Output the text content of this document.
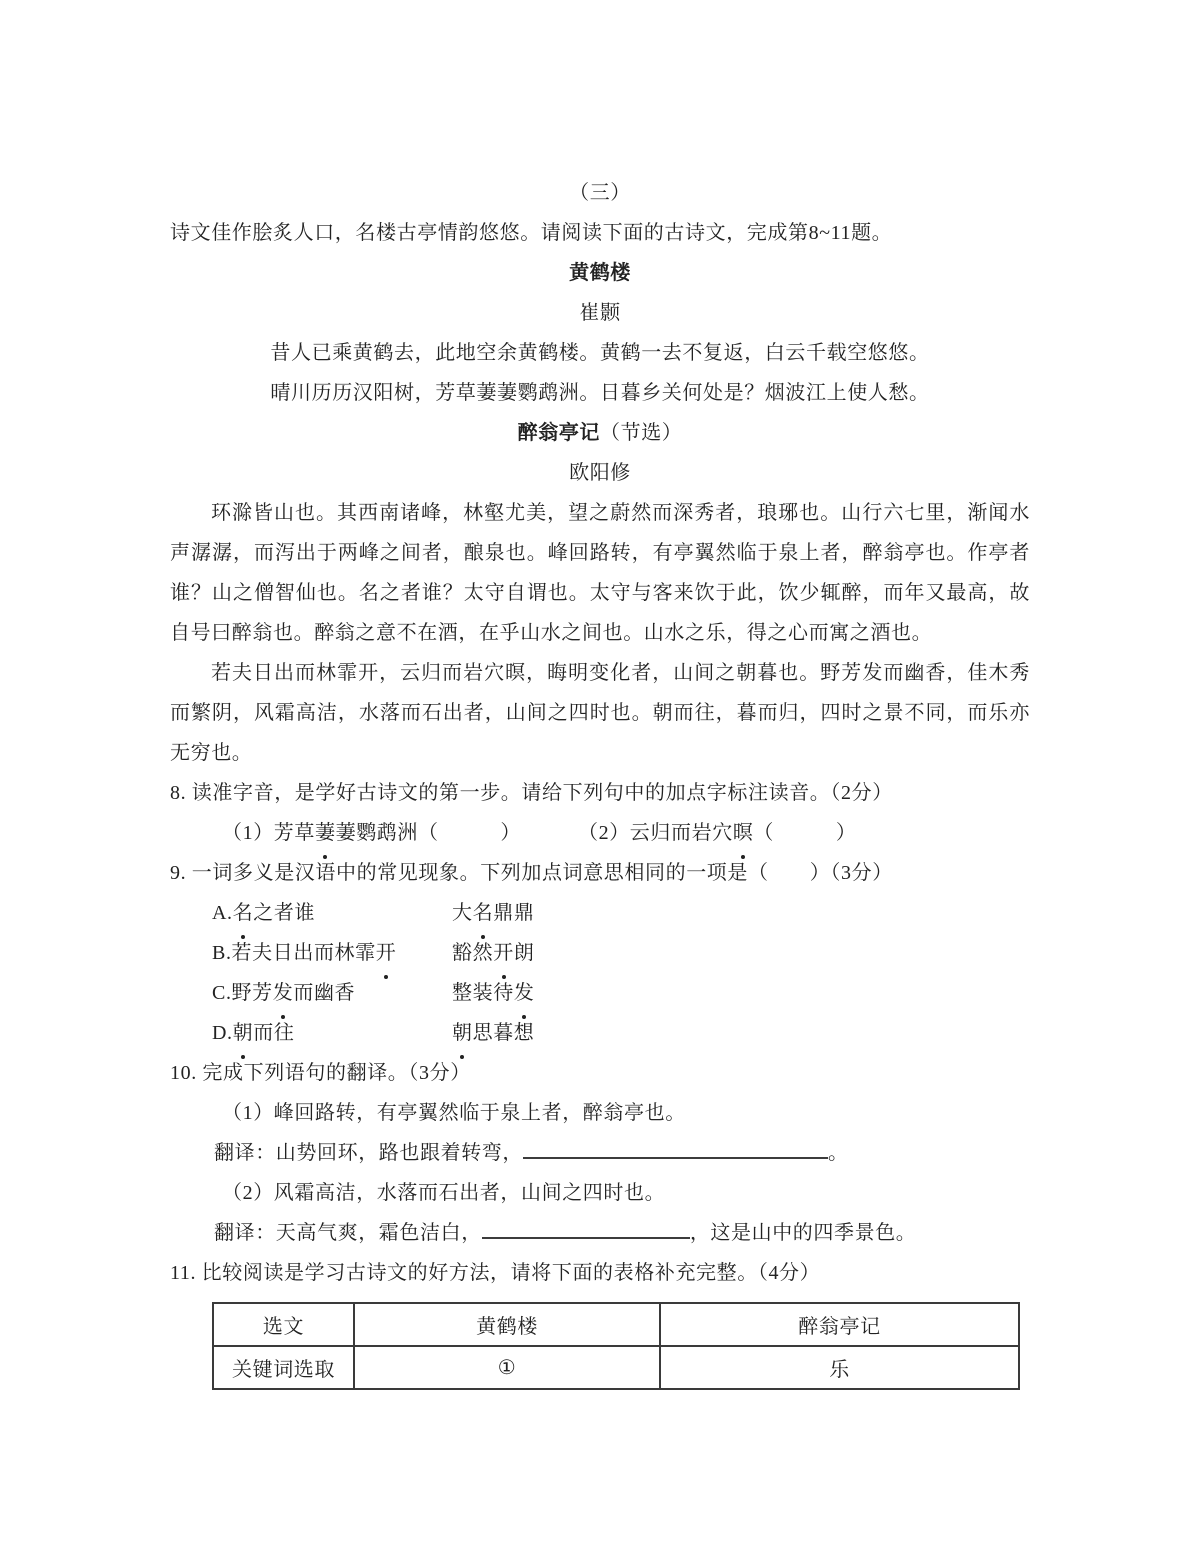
（三）
诗文佳作脍炙人口，名楼古亭情韵悠悠。请阅读下面的古诗文，完成第8~11题。
黄鹤楼
崔颢
昔人已乘黄鹤去，此地空余黄鹤楼。黄鹤一去不复返，白云千载空悠悠。
晴川历历汉阳树，芳草萋萋鹦鹉洲。日暮乡关何处是？烟波江上使人愁。
醉翁亭记（节选）
欧阳修

环滁皆山也。其西南诸峰，林壑尤美，望之蔚然而深秀者，琅琊也。山行六七里，渐闻水声潺潺，而泻出于两峰之间者，酿泉也。峰回路转，有亭翼然临于泉上者，醉翁亭也。作亭者谁？山之僧智仙也。名之者谁？太守自谓也。太守与客来饮于此，饮少辄醉，而年又最高，故自号曰醉翁也。醉翁之意不在酒，在乎山水之间也。山水之乐，得之心而寓之酒也。

若夫日出而林霏开，云归而岩穴暝，晦明变化者，山间之朝暮也。野芳发而幽香，佳木秀而繁阴，风霜高洁，水落而石出者，山间之四时也。朝而往，暮而归，四时之景不同，而乐亦无穷也。

8. 读准字音，是学好古诗文的第一步。请给下列句中的加点字标注读音。（2分）
（1）芳草萋萋鹦鹉洲（　　　）	（2）云归而岩穴暝（　　　）
9. 一词多义是汉语中的常见现象。下列加点词意思相同的一项是（　　）（3分）
A.名之者谁	大名鼎鼎
B.若夫日出而林霏开	豁然开朗
C.野芳发而幽香	整装待发
D.朝而往	朝思暮想
10. 完成下列语句的翻译。（3分）
（1）峰回路转，有亭翼然临于泉上者，醉翁亭也。
翻译：山势回环，路也跟着转弯，	。
（2）风霜高洁，水落而石出者，山间之四时也。
翻译：天高气爽，霜色洁白，	，这是山中的四季景色。
11. 比较阅读是学习古诗文的好方法，请将下面的表格补充完整。（4分）
选文	黄鹤楼	醉翁亭记
关键词选取	①	乐
